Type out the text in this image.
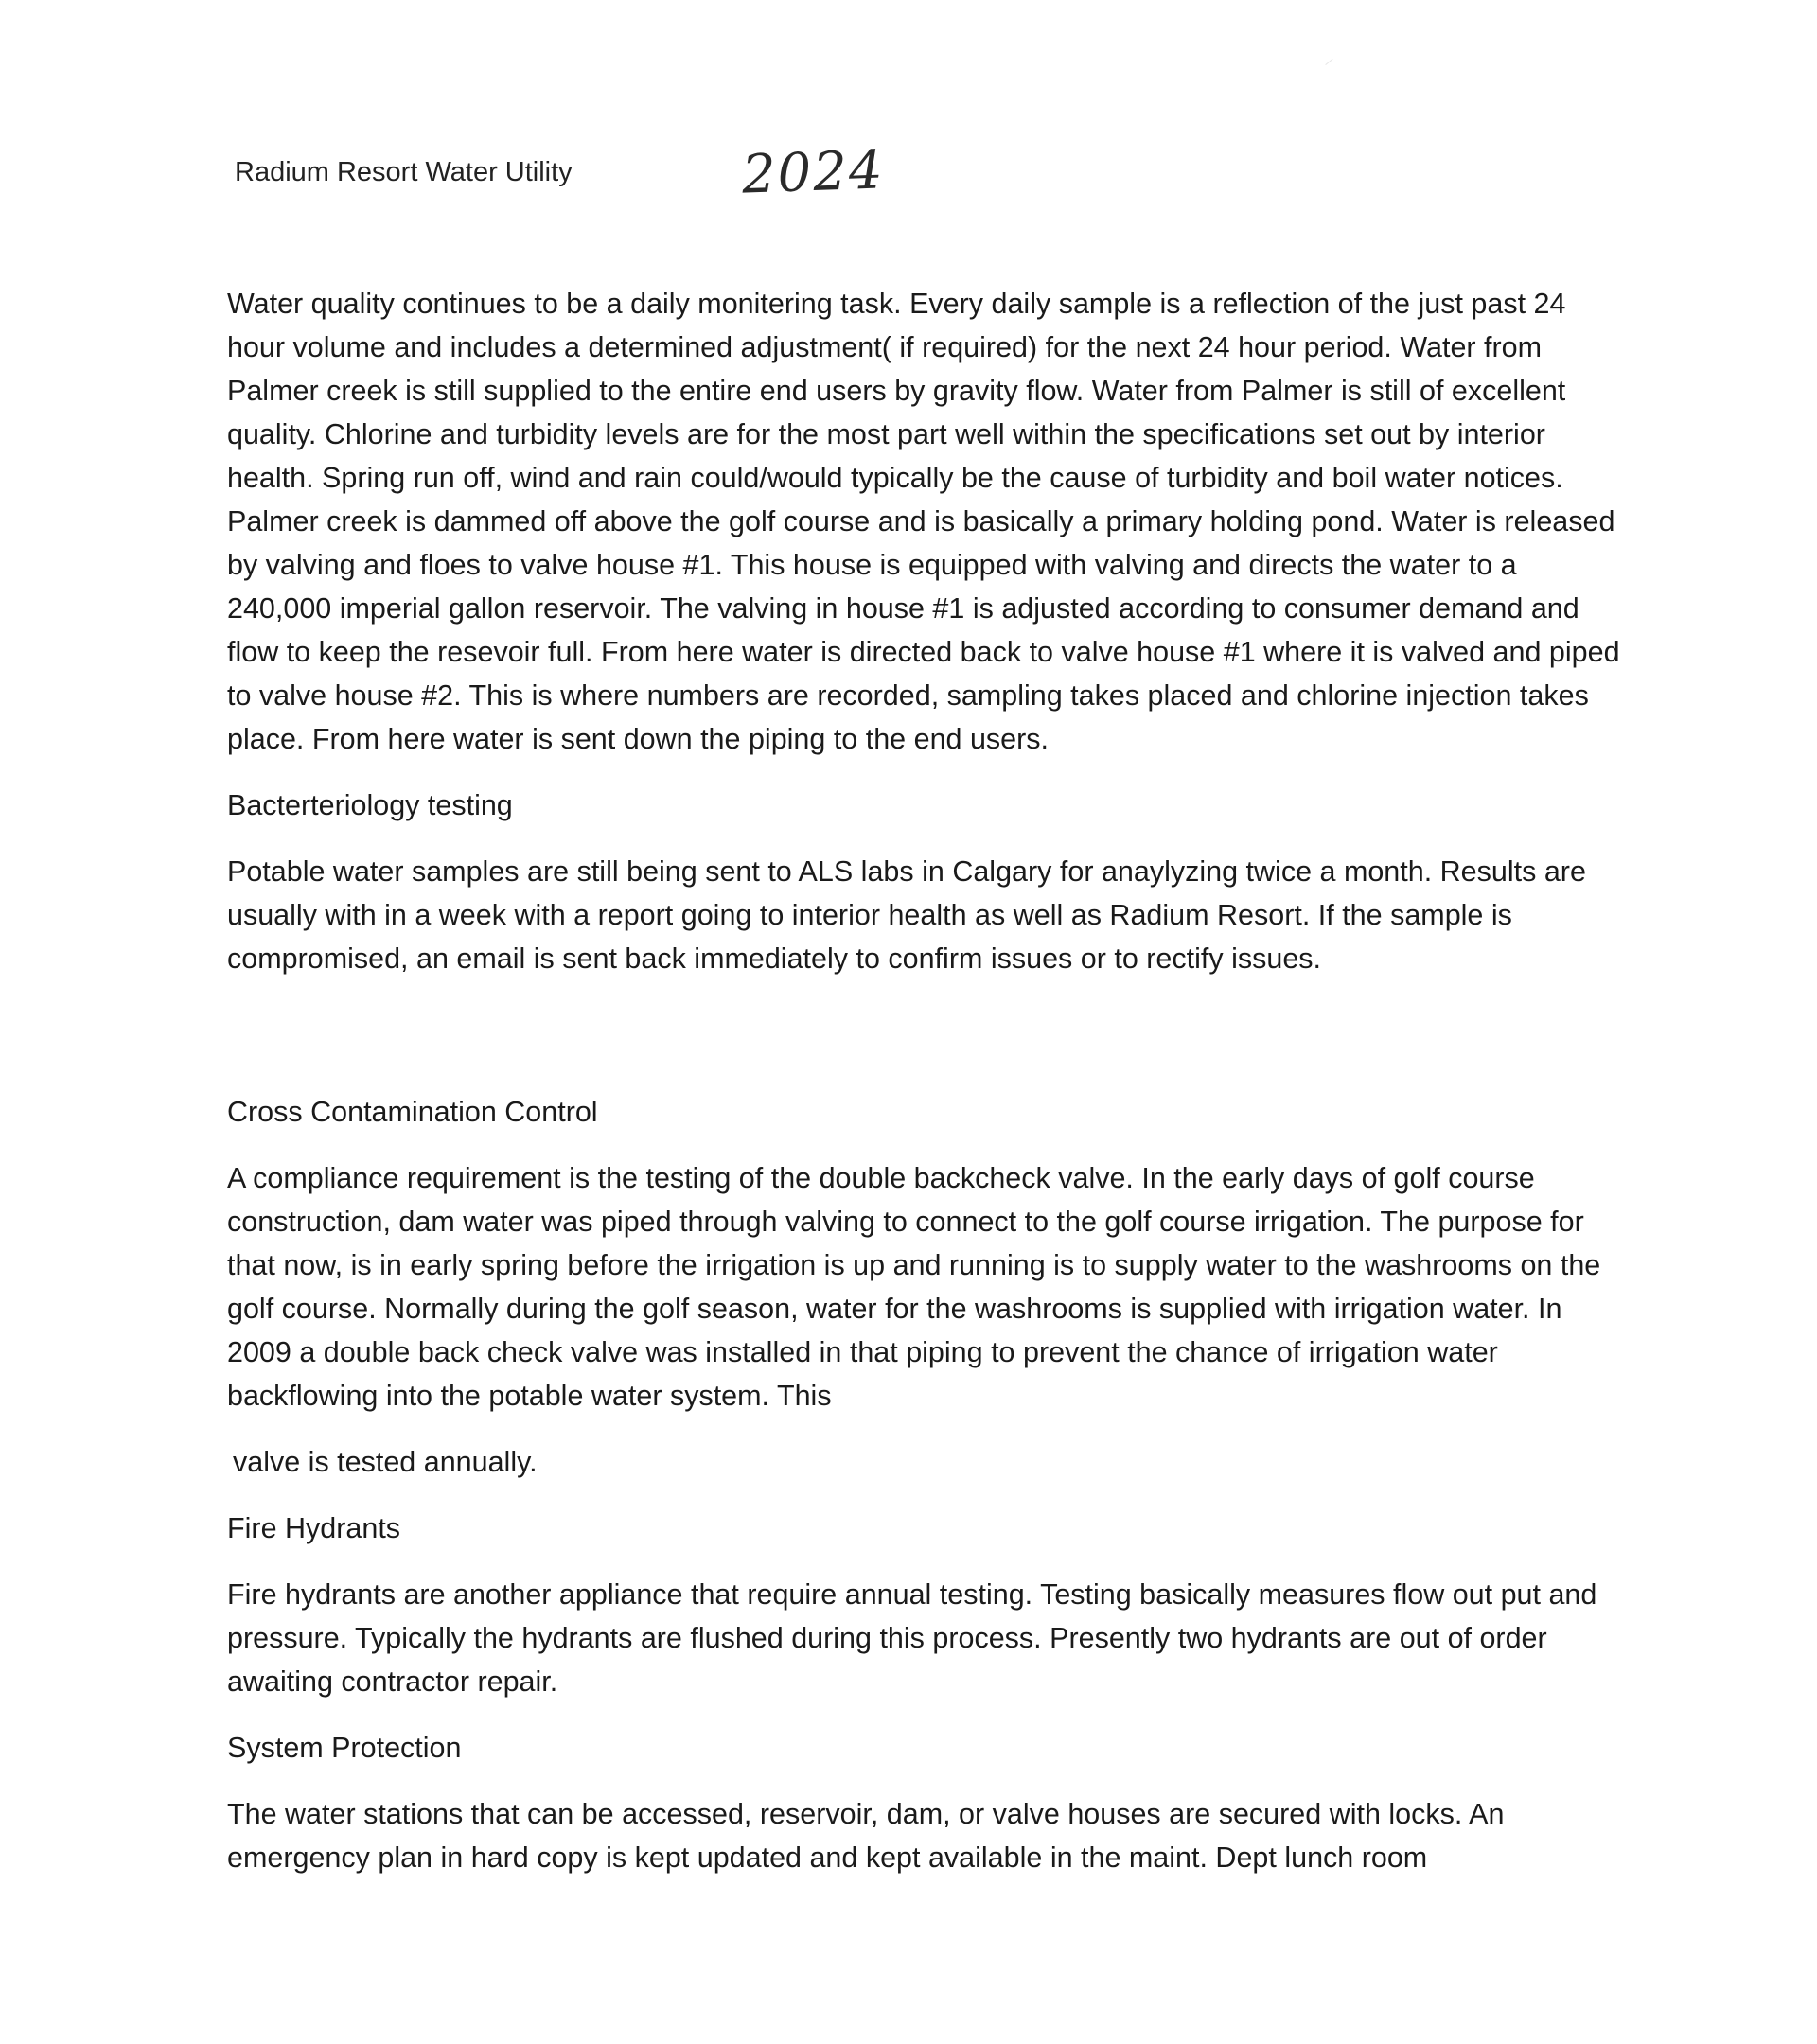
Radium Resort Water Utility	2024

Water quality continues to be a daily monitering task. Every daily sample is a reflection of the just past 24 hour volume and includes a determined adjustment( if required) for the next 24 hour period. Water from Palmer creek is still supplied to the entire end users by gravity flow. Water from Palmer is still of excellent quality. Chlorine and turbidity levels are for the most part well within the specifications set out by interior health. Spring run off, wind and rain could/would typically be the cause of turbidity and boil water notices. Palmer creek is dammed off above the golf course and is basically a primary holding pond. Water is released by valving and floes to valve house #1. This house is equipped with valving and directs the water to a 240,000 imperial gallon reservoir. The valving in house #1 is adjusted according to consumer demand and flow to keep the resevoir full. From here water is directed back to valve house #1 where it is valved and piped to valve house #2. This is where numbers are recorded, sampling takes placed and chlorine injection takes place. From here water is sent down the piping to the end users.

Bacterteriology testing

Potable water samples are still being sent to ALS labs in Calgary for anaylyzing twice a month. Results are usually with in a week with a report going to interior health as well as Radium Resort. If the sample is compromised, an email is sent back immediately to confirm issues or to rectify issues.

Cross Contamination Control

A compliance requirement is the testing of the double backcheck valve. In the early days of golf course construction, dam water was piped through valving to connect to the golf course irrigation. The purpose for that now, is in early spring before the irrigation is up and running is to supply water to the washrooms on the golf course. Normally during the golf season, water for the washrooms is supplied with irrigation water. In 2009 a double back check valve was installed in that piping to prevent the chance of irrigation water backflowing into the potable water system. This

valve is tested annually.

Fire Hydrants

Fire hydrants are another appliance that require annual testing. Testing basically measures flow out put and pressure. Typically the hydrants are flushed during this process. Presently two hydrants are out of order awaiting contractor repair.

System Protection

The water stations that can be accessed, reservoir, dam, or valve houses are secured with locks. An emergency plan in hard copy is kept updated and kept available in the maint. Dept lunch room
